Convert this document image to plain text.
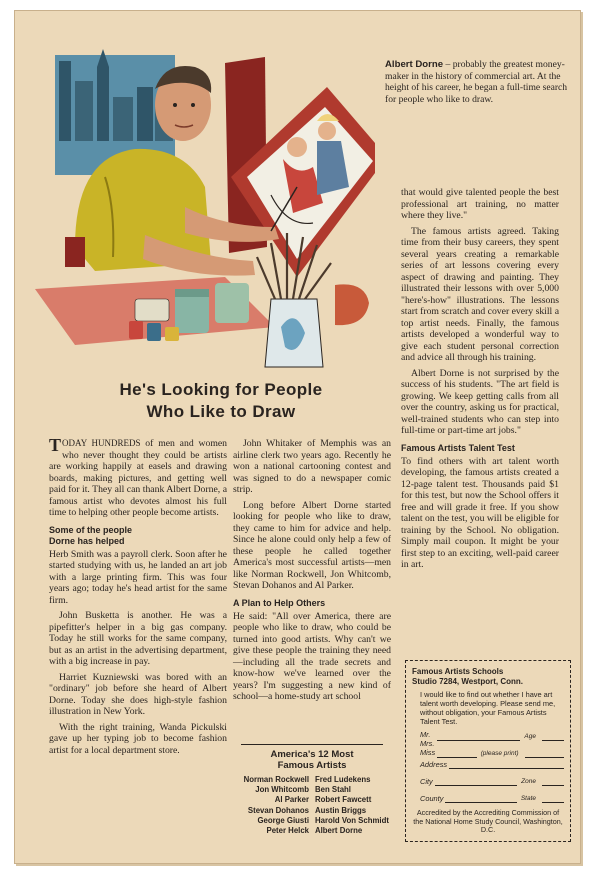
Albert Dorne – probably the greatest money-maker in the history of commercial art. At the height of his career, he began a full-time search for people who like to draw.
He's Looking for People
Who Like to Draw

TODAY HUNDREDS of men and women who never thought they could be artists are working happily at easels and drawing boards, making pictures, and getting well paid for it. They all can thank Albert Dorne, a famous artist who devotes almost his full time to helping other people become artists.

Some of the people
Dorne has helped

Herb Smith was a payroll clerk. Soon after he started studying with us, he landed an art job with a large printing firm. This was four years ago; today he's head artist for the same firm.

John Busketta is another. He was a pipefitter's helper in a big gas company. Today he still works for the same company, but as an artist in the advertising department, with a big increase in pay.

Harriet Kuzniewski was bored with an "ordinary" job before she heard of Albert Dorne. Today she does high-style fashion illustration in New York.

With the right training, Wanda Pickulski gave up her typing job to become fashion artist for a local department store.

John Whitaker of Memphis was an airline clerk two years ago. Recently he won a national cartooning contest and was signed to do a newspaper comic strip.

Long before Albert Dorne started looking for people who like to draw, they came to him for advice and help. Since he alone could only help a few of these people he called together America's most successful artists—men like Norman Rockwell, Jon Whitcomb, Stevan Dohanos and Al Parker.

A Plan to Help Others

He said: "All over America, there are people who like to draw, who could be turned into good artists. Why can't we give these people the training they need—including all the trade secrets and know-how we've learned over the years? I'm suggesting a new kind of school—a home-study art school

America's 12 Most
Famous Artists
Norman Rockwell Fred Ludekens
Jon Whitcomb Ben Stahl
Al Parker Robert Fawcett
Stevan Dohanos Austin Briggs
George Giusti Harold Von Schmidt
Peter Helck Albert Dorne

that would give talented people the best professional art training, no matter where they live."

The famous artists agreed. Taking time from their busy careers, they spent several years creating a remarkable series of art lessons covering every aspect of drawing and painting. They illustrated their lessons with over 5,000 "here's-how" illustrations. The lessons start from scratch and cover every skill a top artist needs. Finally, the famous artists developed a wonderful way to give each student personal correction and advice all through his training.

Albert Dorne is not surprised by the success of his students. "The art field is growing. We keep getting calls from all over the country, asking us for practical, well-trained students who can step into full-time or part-time art jobs."

Famous Artists Talent Test

To find others with art talent worth developing, the famous artists created a 12-page talent test. Thousands paid $1 for this test, but now the School offers it free and will grade it free. If you show talent on the test, you will be eligible for training by the School. No obligation. Simply mail coupon. It might be your first step to an exciting, well-paid career in art.

Famous Artists Schools
Studio 7284, Westport, Conn.
I would like to find out whether I have art talent worth developing. Please send me, without obligation, your Famous Artists Talent Test.
Mr.
Mrs.
Miss
Age
(please print)
Address
City	Zone
County	State
Accredited by the Accrediting Commission of the National Home Study Council, Washington, D.C.
